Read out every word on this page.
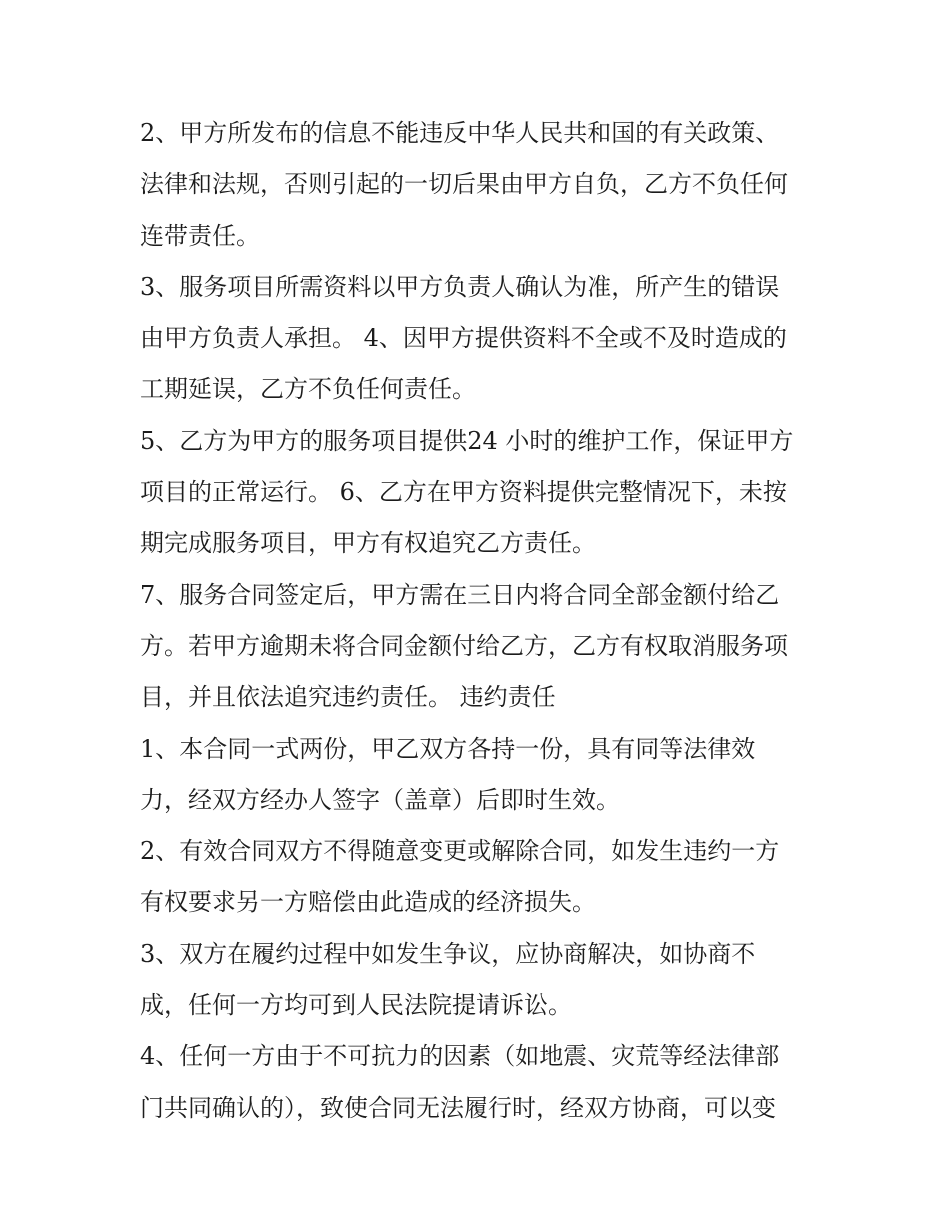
2、甲方所发布的信息不能违反中华人民共和国的有关政策、
法律和法规，否则引起的一切后果由甲方自负，乙方不负任何
连带责任。
3、服务项目所需资料以甲方负责人确认为准，所产生的错误
由甲方负责人承担。 4、因甲方提供资料不全或不及时造成的
工期延误，乙方不负任何责任。
5、乙方为甲方的服务项目提供24 小时的维护工作，保证甲方
项目的正常运行。 6、乙方在甲方资料提供完整情况下，未按
期完成服务项目，甲方有权追究乙方责任。
7、服务合同签定后，甲方需在三日内将合同全部金额付给乙
方。若甲方逾期未将合同金额付给乙方，乙方有权取消服务项
目，并且依法追究违约责任。 违约责任
1、本合同一式两份，甲乙双方各持一份，具有同等法律效
力，经双方经办人签字（盖章）后即时生效。
2、有效合同双方不得随意变更或解除合同，如发生违约一方
有权要求另一方赔偿由此造成的经济损失。
3、双方在履约过程中如发生争议，应协商解决，如协商不
成，任何一方均可到人民法院提请诉讼。
4、任何一方由于不可抗力的因素（如地震、灾荒等经法律部
门共同确认的），致使合同无法履行时，经双方协商，可以变
